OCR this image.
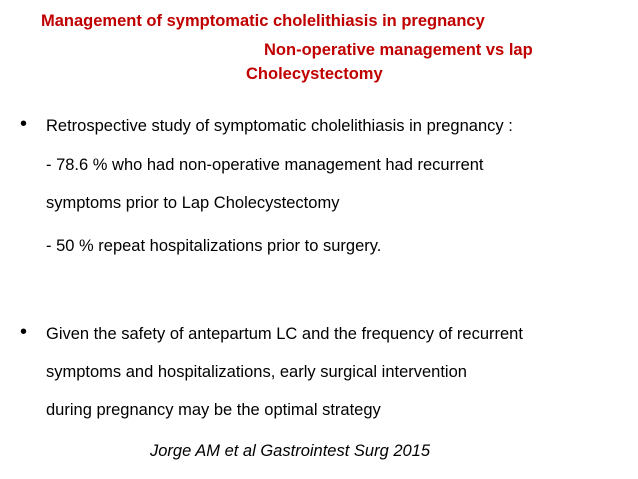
Management of symptomatic cholelithiasis in pregnancy
Non-operative management vs lap
Cholecystectomy
• Retrospective study of symptomatic cholelithiasis in pregnancy :
- 78.6 % who had non-operative management had recurrent
symptoms prior to Lap Cholecystectomy
- 50 % repeat hospitalizations prior to surgery.
• Given the safety of antepartum LC and the frequency of recurrent
symptoms and hospitalizations, early surgical intervention
during pregnancy may be the optimal strategy
Jorge AM et al Gastrointest Surg 2015
